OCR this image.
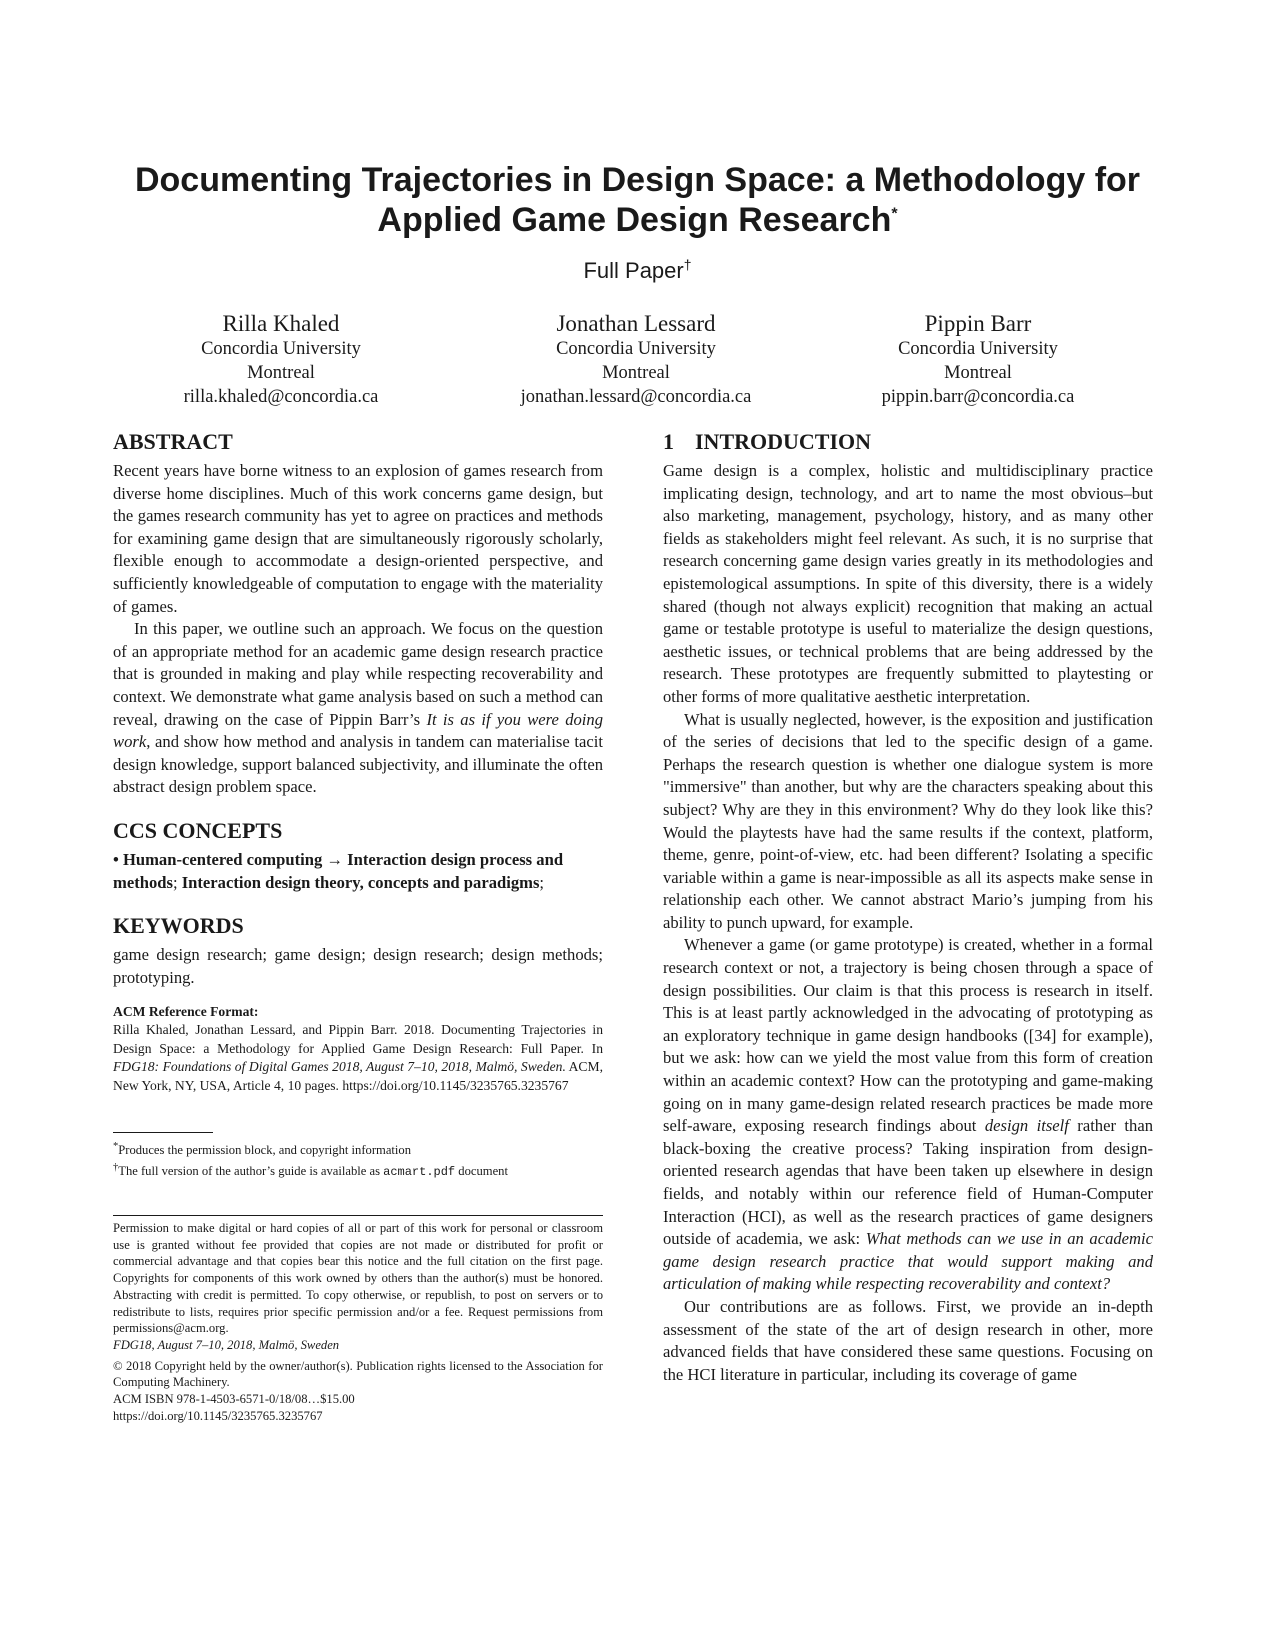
Documenting Trajectories in Design Space: a Methodology for
Applied Game Design Research*
Full Paper†
Rilla Khaled
Concordia University
Montreal
rilla.khaled@concordia.ca
Jonathan Lessard
Concordia University
Montreal
jonathan.lessard@concordia.ca
Pippin Barr
Concordia University
Montreal
pippin.barr@concordia.ca
ABSTRACT

Recent years have borne witness to an explosion of games research from diverse home disciplines. Much of this work concerns game design, but the games research community has yet to agree on practices and methods for examining game design that are simultaneously rigorously scholarly, flexible enough to accommodate a design-oriented perspective, and sufficiently knowledgeable of computation to engage with the materiality of games.

In this paper, we outline such an approach. We focus on the question of an appropriate method for an academic game design research practice that is grounded in making and play while respecting recoverability and context. We demonstrate what game analysis based on such a method can reveal, drawing on the case of Pippin Barr’s It is as if you were doing work, and show how method and analysis in tandem can materialise tacit design knowledge, support balanced subjectivity, and illuminate the often abstract design problem space.

CCS CONCEPTS

• Human-centered computing → Interaction design process and methods; Interaction design theory, concepts and paradigms;

KEYWORDS

game design research; game design; design research; design methods; prototyping.

ACM Reference Format:

Rilla Khaled, Jonathan Lessard, and Pippin Barr. 2018. Documenting Trajectories in Design Space: a Methodology for Applied Game Design Research: Full Paper. In FDG18: Foundations of Digital Games 2018, August 7–10, 2018, Malmö, Sweden. ACM, New York, NY, USA, Article 4, 10 pages. https://doi.org/10.1145/3235765.3235767

*Produces the permission block, and copyright information

†The full version of the author’s guide is available as acmart.pdf document

Permission to make digital or hard copies of all or part of this work for personal or classroom use is granted without fee provided that copies are not made or distributed for profit or commercial advantage and that copies bear this notice and the full citation on the first page. Copyrights for components of this work owned by others than the author(s) must be honored. Abstracting with credit is permitted. To copy otherwise, or republish, to post on servers or to redistribute to lists, requires prior specific permission and/or a fee. Request permissions from permissions@acm.org.

FDG18, August 7–10, 2018, Malmö, Sweden

© 2018 Copyright held by the owner/author(s). Publication rights licensed to the Association for Computing Machinery.

ACM ISBN 978-1-4503-6571-0/18/08…$15.00

https://doi.org/10.1145/3235765.3235767

1 INTRODUCTION

Game design is a complex, holistic and multidisciplinary practice implicating design, technology, and art to name the most obvious–but also marketing, management, psychology, history, and as many other fields as stakeholders might feel relevant. As such, it is no surprise that research concerning game design varies greatly in its methodologies and epistemological assumptions. In spite of this diversity, there is a widely shared (though not always explicit) recognition that making an actual game or testable prototype is useful to materialize the design questions, aesthetic issues, or technical problems that are being addressed by the research. These prototypes are frequently submitted to playtesting or other forms of more qualitative aesthetic interpretation.

What is usually neglected, however, is the exposition and justification of the series of decisions that led to the specific design of a game. Perhaps the research question is whether one dialogue system is more "immersive" than another, but why are the characters speaking about this subject? Why are they in this environment? Why do they look like this? Would the playtests have had the same results if the context, platform, theme, genre, point-of-view, etc. had been different? Isolating a specific variable within a game is near-impossible as all its aspects make sense in relationship each other. We cannot abstract Mario’s jumping from his ability to punch upward, for example.

Whenever a game (or game prototype) is created, whether in a formal research context or not, a trajectory is being chosen through a space of design possibilities. Our claim is that this process is research in itself. This is at least partly acknowledged in the advocating of prototyping as an exploratory technique in game design handbooks ([34] for example), but we ask: how can we yield the most value from this form of creation within an academic context? How can the prototyping and game-making going on in many game-design related research practices be made more self-aware, exposing research findings about design itself rather than black-boxing the creative process? Taking inspiration from design-oriented research agendas that have been taken up elsewhere in design fields, and notably within our reference field of Human-Computer Interaction (HCI), as well as the research practices of game designers outside of academia, we ask: What methods can we use in an academic game design research practice that would support making and articulation of making while respecting recoverability and context?

Our contributions are as follows. First, we provide an in-depth assessment of the state of the art of design research in other, more advanced fields that have considered these same questions. Focusing on the HCI literature in particular, including its coverage of game
